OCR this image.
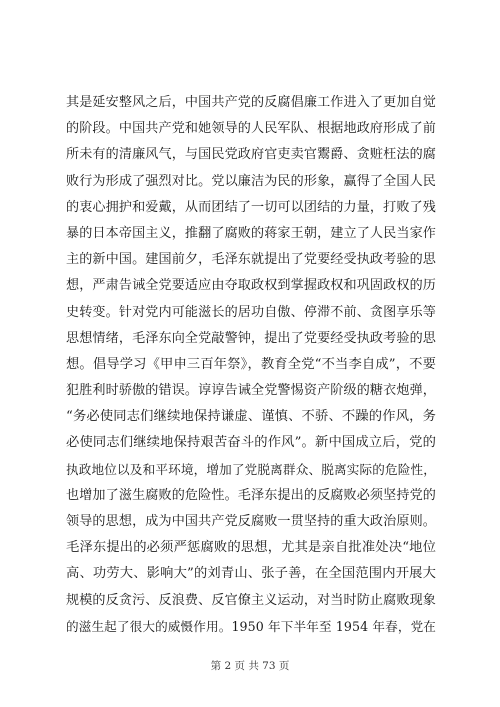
其是延安整风之后，中国共产党的反腐倡廉工作进入了更加自觉
的阶段。中国共产党和她领导的人民军队、根据地政府形成了前
所未有的清廉风气，与国民党政府官吏卖官鬻爵、贪赃枉法的腐
败行为形成了强烈对比。党以廉洁为民的形象，赢得了全国人民
的衷心拥护和爱戴，从而团结了一切可以团结的力量，打败了残
暴的日本帝国主义，推翻了腐败的蒋家王朝，建立了人民当家作
主的新中国。建国前夕，毛泽东就提出了党要经受执政考验的思
想，严肃告诫全党要适应由夺取政权到掌握政权和巩固政权的历
史转变。针对党内可能滋长的居功自傲、停滞不前、贪图享乐等
思想情绪，毛泽东向全党敲警钟，提出了党要经受执政考验的思
想。倡导学习《甲申三百年祭》，教育全党“不当李自成”，不要
犯胜利时骄傲的错误。谆谆告诫全党警惕资产阶级的糖衣炮弹，
“务必使同志们继续地保持谦虚、谨慎、不骄、不躁的作风，务
必使同志们继续地保持艰苦奋斗的作风”。新中国成立后，党的
执政地位以及和平环境，增加了党脱离群众、脱离实际的危险性，
也增加了滋生腐败的危险性。毛泽东提出的反腐败必须坚持党的
领导的思想，成为中国共产党反腐败一贯坚持的重大政治原则。
毛泽东提出的必须严惩腐败的思想，尤其是亲自批准处决“地位
高、功劳大、影响大”的刘青山、张子善，在全国范围内开展大
规模的反贪污、反浪费、反官僚主义运动，对当时防止腐败现象
的滋生起了很大的威慑作用。1950 年下半年至 1954 年春，党在
第 2 页 共 73 页
